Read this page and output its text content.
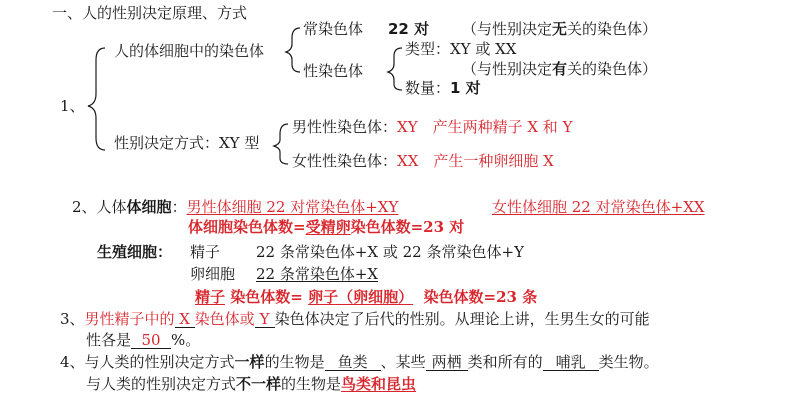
一、人的性别决定原理、方式
1、
人的体细胞中的染色体
常染色体 22 对 （与性别决定无关的染色体）
性染色体
类型：XY 或 XX
（与性别决定有关的染色体）
数量：1 对
性别决定方式：XY 型
男性性染色体：XY　产生两种精子 X 和 Y
女性性染色体：XX　产生一种卵细胞 X
2、人体体细胞：男性体细胞 22 对常染色体+XY	女性体细胞 22 对常染色体+XX
体细胞染色体数=受精卵染色体数=23 对
生殖细胞： 精子 22 条常染色体+X 或 22 条常染色体+Y
卵细胞 22 条常染色体+X
精子 染色体数= 卵子（卵细胞） 染色体数=23 条
3、男性精子中的 X 染色体或 Y 染色体决定了后代的性别。从理论上讲，生男生女的可能
性各是 50 %。
4、与人类的性别决定方式一样的生物是 鱼类 、某些 两栖 类和所有的 哺乳 类生物。
与人类的性别决定方式不一样的生物是鸟类和昆虫
